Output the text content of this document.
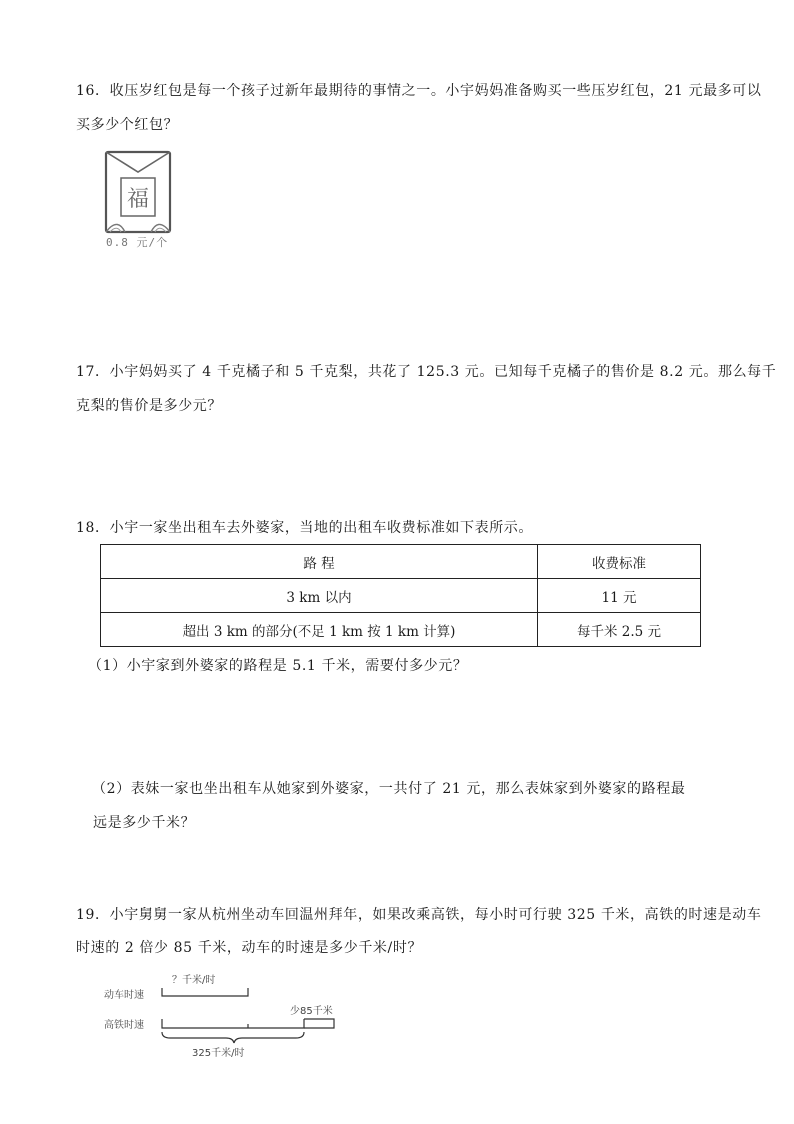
16．收压岁红包是每一个孩子过新年最期待的事情之一。小宇妈妈准备购买一些压岁红包，21 元最多可以
买多少个红包？
福
0.8 元/个
17．小宇妈妈买了 4 千克橘子和 5 千克梨，共花了 125.3 元。已知每千克橘子的售价是 8.2 元。那么每千
克梨的售价是多少元？
18．小宇一家坐出租车去外婆家，当地的出租车收费标准如下表所示。
路 程	收费标准
3 km 以内	11 元
超出 3 km 的部分(不足 1 km 按 1 km 计算)	每千米 2.5 元
（1）小宇家到外婆家的路程是 5.1 千米，需要付多少元？
（2）表妹一家也坐出租车从她家到外婆家，一共付了 21 元，那么表妹家到外婆家的路程最
远是多少千米？
19．小宇舅舅一家从杭州坐动车回温州拜年，如果改乘高铁，每小时可行驶 325 千米，高铁的时速是动车
时速的 2 倍少 85 千米，动车的时速是多少千米/时？
动车时速
？千米/时
高铁时速
少85千米
325千米/时
